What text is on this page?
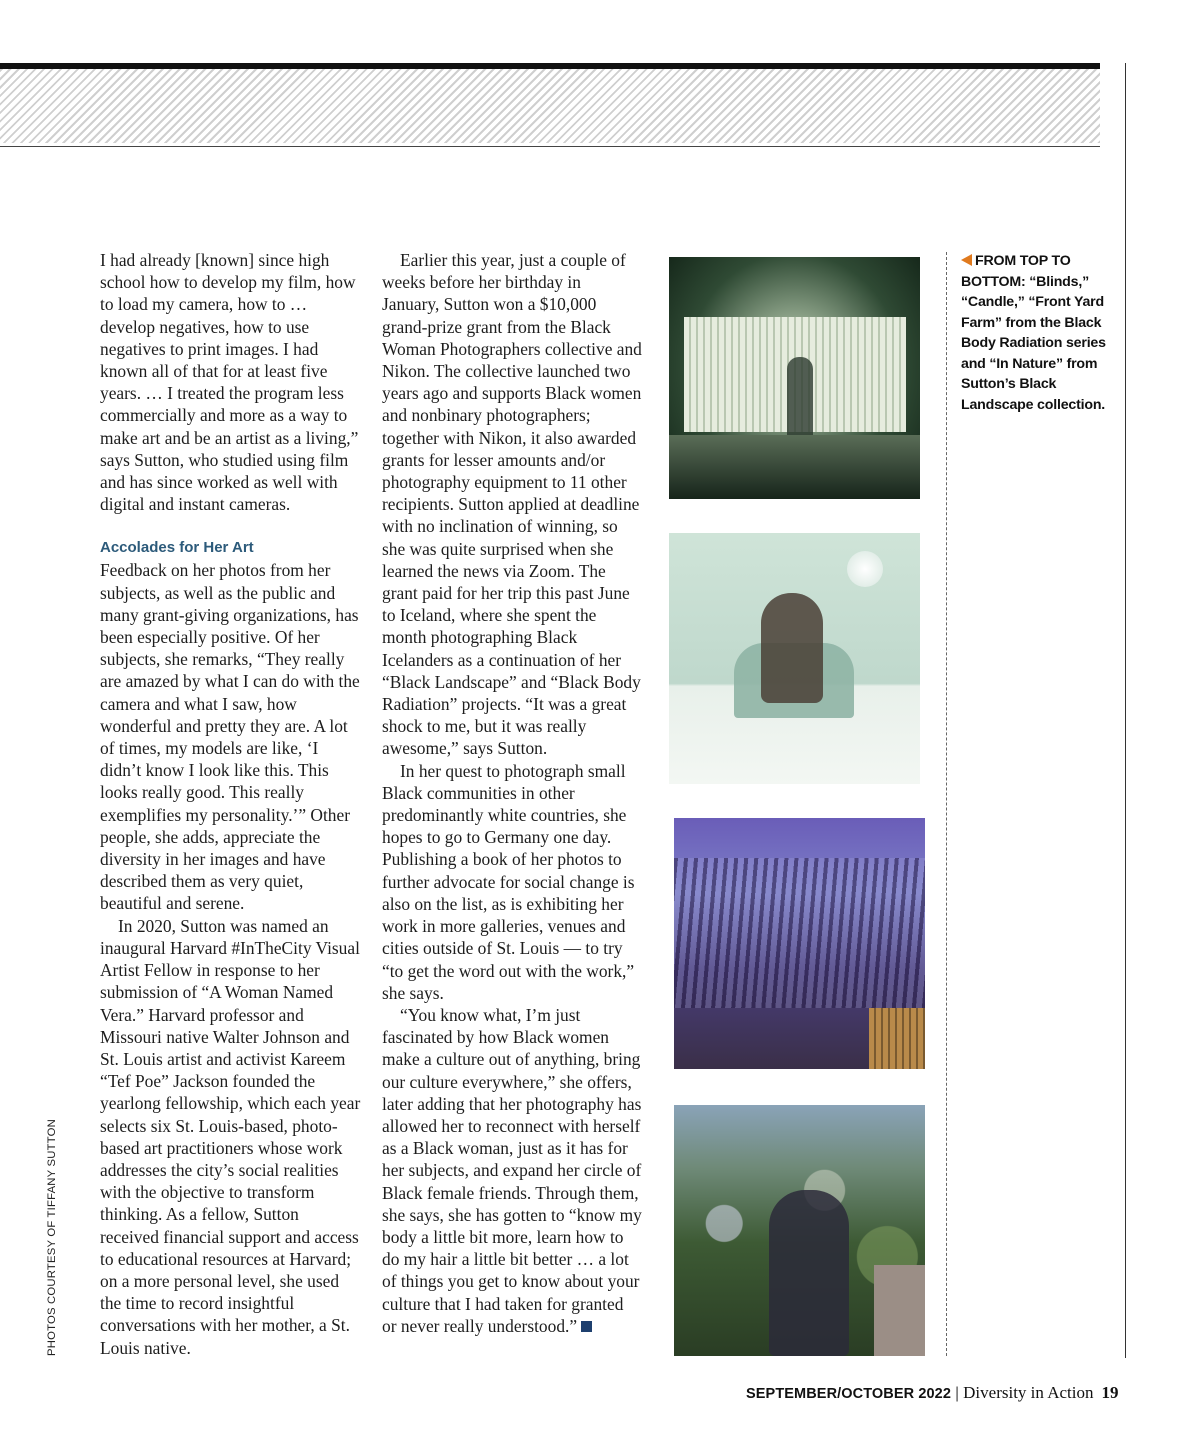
I had already [known] since high school how to develop my film, how to load my camera, how to … develop negatives, how to use negatives to print images. I had known all of that for at least five years. … I treated the program less commercially and more as a way to make art and be an artist as a living,” says Sutton, who studied using film and has since worked as well with digital and instant cameras.

Accolades for Her Art

Feedback on her photos from her subjects, as well as the public and many grant-giving organizations, has been especially positive. Of her subjects, she remarks, “They really are amazed by what I can do with the camera and what I saw, how wonderful and pretty they are. A lot of times, my models are like, ‘I didn’t know I look like this. This looks really good. This really exemplifies my personality.’” Other people, she adds, appreciate the diversity in her images and have described them as very quiet, beautiful and serene.

In 2020, Sutton was named an inaugural Harvard #InTheCity Visual Artist Fellow in response to her submission of “A Woman Named Vera.” Harvard professor and Missouri native Walter Johnson and St. Louis artist and activist Kareem “Tef Poe” Jackson founded the yearlong fellowship, which each year selects six St. Louis-based, photo-based art practitioners whose work addresses the city’s social realities with the objective to transform thinking. As a fellow, Sutton received financial support and access to educational resources at Harvard; on a more personal level, she used the time to record insightful conversations with her mother, a St. Louis native.

Earlier this year, just a couple of weeks before her birthday in January, Sutton won a $10,000 grand-prize grant from the Black Woman Photographers collective and Nikon. The collective launched two years ago and supports Black women and nonbinary photographers; together with Nikon, it also awarded grants for lesser amounts and/or photography equipment to 11 other recipients. Sutton applied at deadline with no inclination of winning, so she was quite surprised when she learned the news via Zoom. The grant paid for her trip this past June to Iceland, where she spent the month photographing Black Icelanders as a continuation of her “Black Landscape” and “Black Body Radiation” projects. “It was a great shock to me, but it was really awesome,” says Sutton.

In her quest to photograph small Black communities in other predominantly white countries, she hopes to go to Germany one day. Publishing a book of her photos to further advocate for social change is also on the list, as is exhibiting her work in more galleries, venues and cities outside of St. Louis — to try “to get the word out with the work,” she says.

“You know what, I’m just fascinated by how Black women make a culture out of anything, bring our culture everywhere,” she offers, later adding that her photography has allowed her to reconnect with herself as a Black woman, just as it has for her subjects, and expand her circle of Black female friends. Through them, she says, she has gotten to “know my body a little bit more, learn how to do my hair a little bit better … a lot of things you get to know about your culture that I had taken for granted or never really understood.”

FROM TOP TO BOTTOM: “Blinds,” “Candle,” “Front Yard Farm” from the Black Body Radiation series and “In Nature” from Sutton’s Black Landscape collection.
PHOTOS COURTESY OF TIFFANY SUTTON
SEPTEMBER/OCTOBER 2022 | Diversity in Action 19
